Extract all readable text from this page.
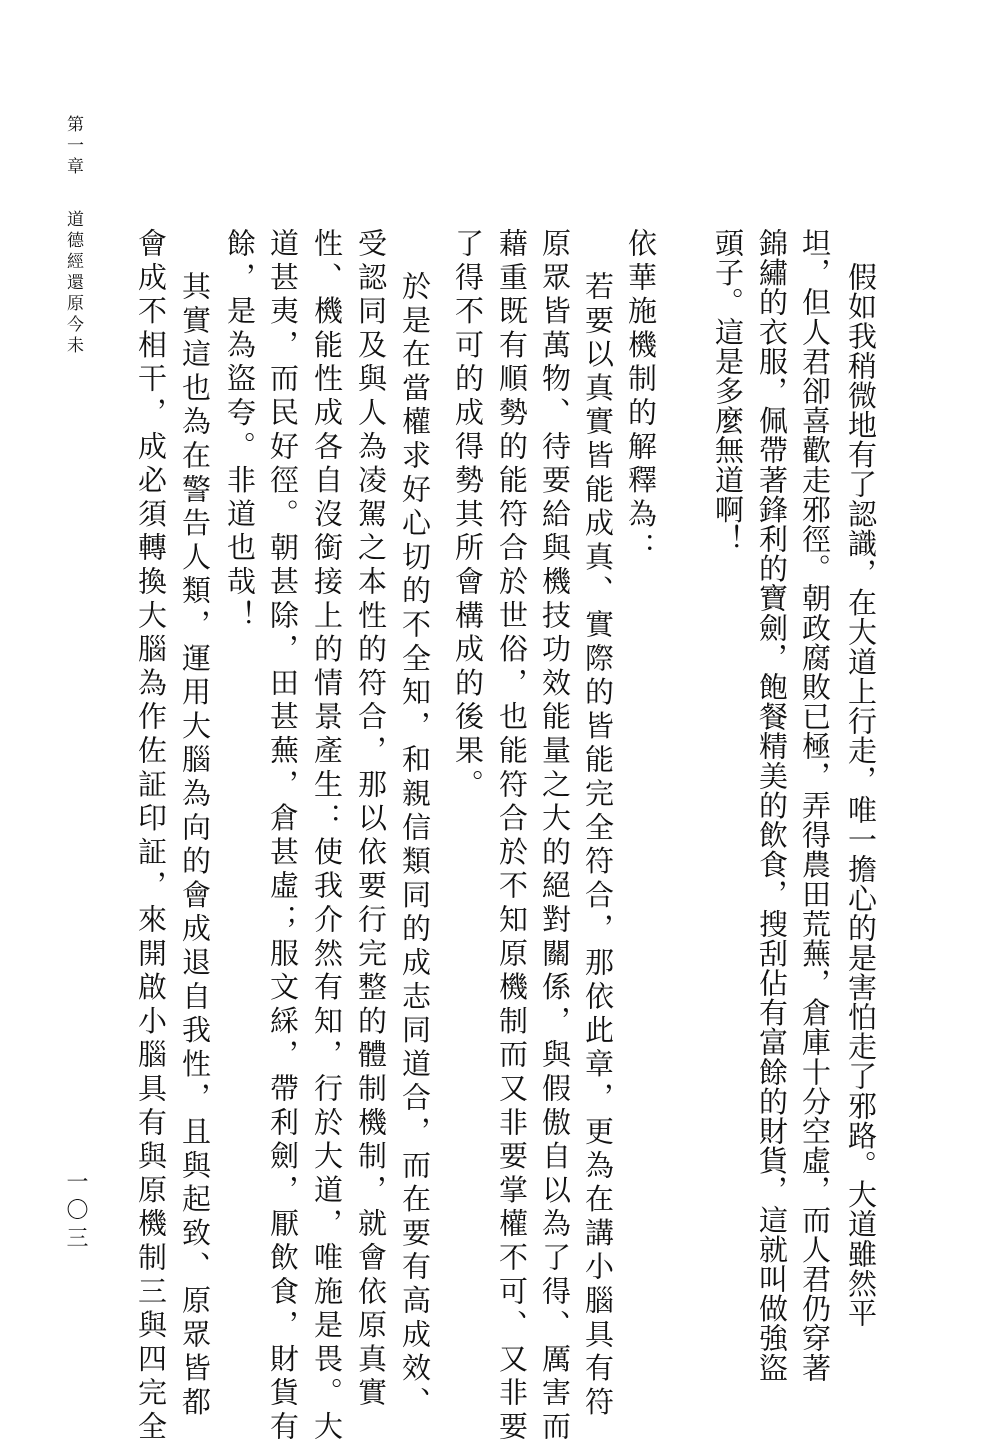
第一章
道德經還原今未
一〇三	假如我稍微地有了認識，在大道上行走，唯一擔心的是害怕走了邪路。大道雖然平
坦，但人君卻喜歡走邪徑。朝政腐敗已極，弄得農田荒蕪，倉庫十分空虛，而人君仍穿著
錦繡的衣服，佩帶著鋒利的寶劍，飽餐精美的飲食，搜刮佔有富餘的財貨，這就叫做強盜
頭子。這是多麼無道啊！
依華施機制的解釋為：
若要以真實皆能成真、實際的皆能完全符合，那依此章，更為在講小腦具有符
原眾皆萬物、待要給與機技功效能量之大的絕對關係，與假傲自以為了得、厲害而
藉重既有順勢的能符合於世俗，也能符合於不知原機制而又非要掌權不可、又非要
了得不可的成得勢其所會構成的後果。
於是在當權求好心切的不全知，和親信類同的成志同道合，而在要有高成效、
受認同及與人為凌駕之本性的符合，那以依要行完整的體制機制，就會依原真實
性、機能性成各自沒銜接上的情景產生：使我介然有知，行於大道，唯施是畏。大
道甚夷，而民好徑。朝甚除，田甚蕪，倉甚虛；服文綵，帶利劍，厭飲食，財貨有
餘，是為盜夸。非道也哉！
其實這也為在警告人類，運用大腦為向的會成退自我性，且與起致、原眾皆都
會成不相干，成必須轉換大腦為作佐証印証，來開啟小腦具有與原機制三與四完全
